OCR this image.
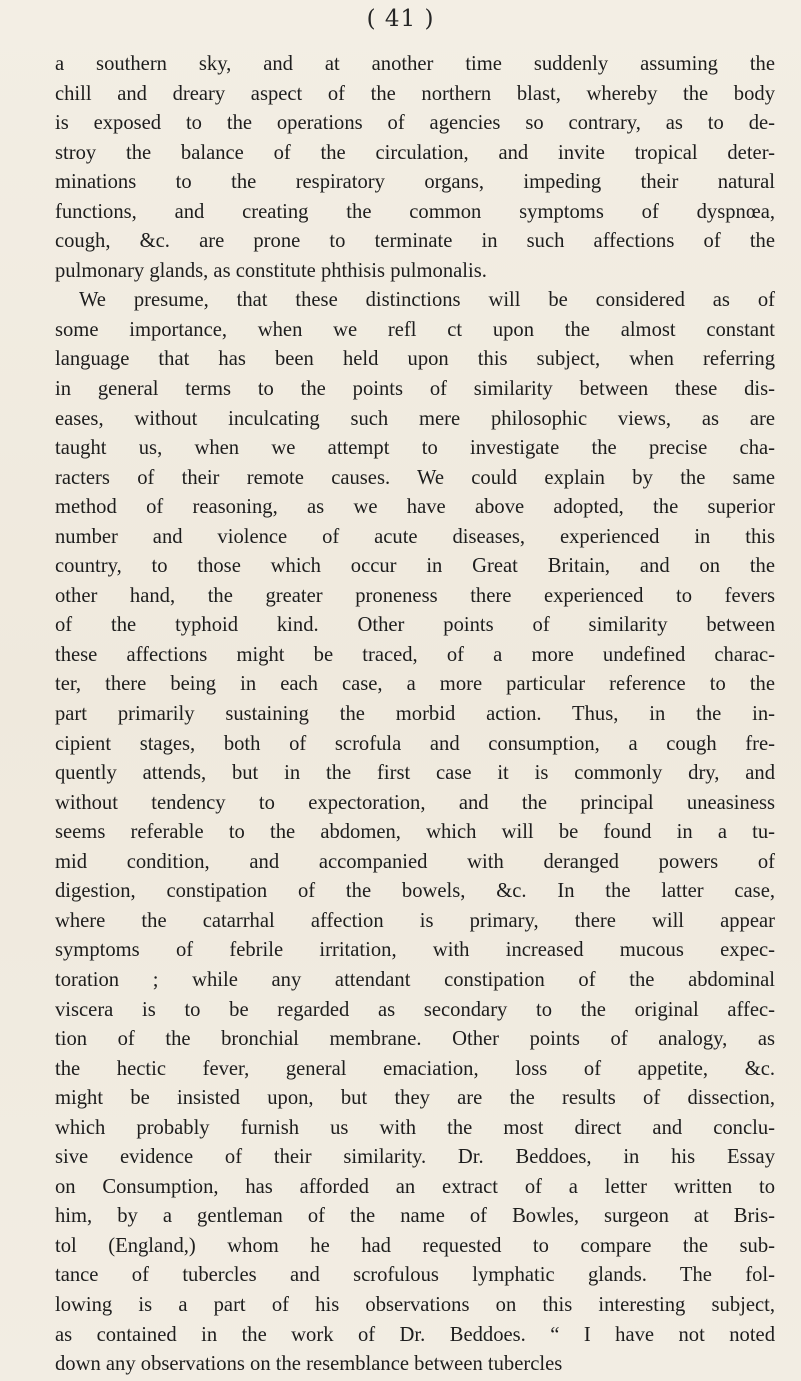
( 41 )
a southern sky, and at another time suddenly assuming the
chill and dreary aspect of the northern blast, whereby the body
is exposed to the operations of agencies so contrary, as to de-
stroy the balance of the circulation, and invite tropical deter-
minations to the respiratory organs, impeding their natural
functions, and creating the common symptoms of dyspnœa,
cough, &c. are prone to terminate in such affections of the
pulmonary glands, as constitute phthisis pulmonalis.
We presume, that these distinctions will be considered as of
some importance, when we refl ct upon the almost constant
language that has been held upon this subject, when referring
in general terms to the points of similarity between these dis-
eases, without inculcating such mere philosophic views, as are
taught us, when we attempt to investigate the precise cha-
racters of their remote causes. We could explain by the same
method of reasoning, as we have above adopted, the superior
number and violence of acute diseases, experienced in this
country, to those which occur in Great Britain, and on the
other hand, the greater proneness there experienced to fevers
of the typhoid kind. Other points of similarity between
these affections might be traced, of a more undefined charac-
ter, there being in each case, a more particular reference to the
part primarily sustaining the morbid action. Thus, in the in-
cipient stages, both of scrofula and consumption, a cough fre-
quently attends, but in the first case it is commonly dry, and
without tendency to expectoration, and the principal uneasiness
seems referable to the abdomen, which will be found in a tu-
mid condition, and accompanied with deranged powers of
digestion, constipation of the bowels, &c. In the latter case,
where the catarrhal affection is primary, there will appear
symptoms of febrile irritation, with increased mucous expec-
toration ; while any attendant constipation of the abdominal
viscera is to be regarded as secondary to the original affec-
tion of the bronchial membrane. Other points of analogy, as
the hectic fever, general emaciation, loss of appetite, &c.
might be insisted upon, but they are the results of dissection,
which probably furnish us with the most direct and conclu-
sive evidence of their similarity. Dr. Beddoes, in his Essay
on Consumption, has afforded an extract of a letter written to
him, by a gentleman of the name of Bowles, surgeon at Bris-
tol (England,) whom he had requested to compare the sub-
tance of tubercles and scrofulous lymphatic glands. The fol-
lowing is a part of his observations on this interesting subject,
as contained in the work of Dr. Beddoes. “ I have not noted
down any observations on the resemblance between tubercles
